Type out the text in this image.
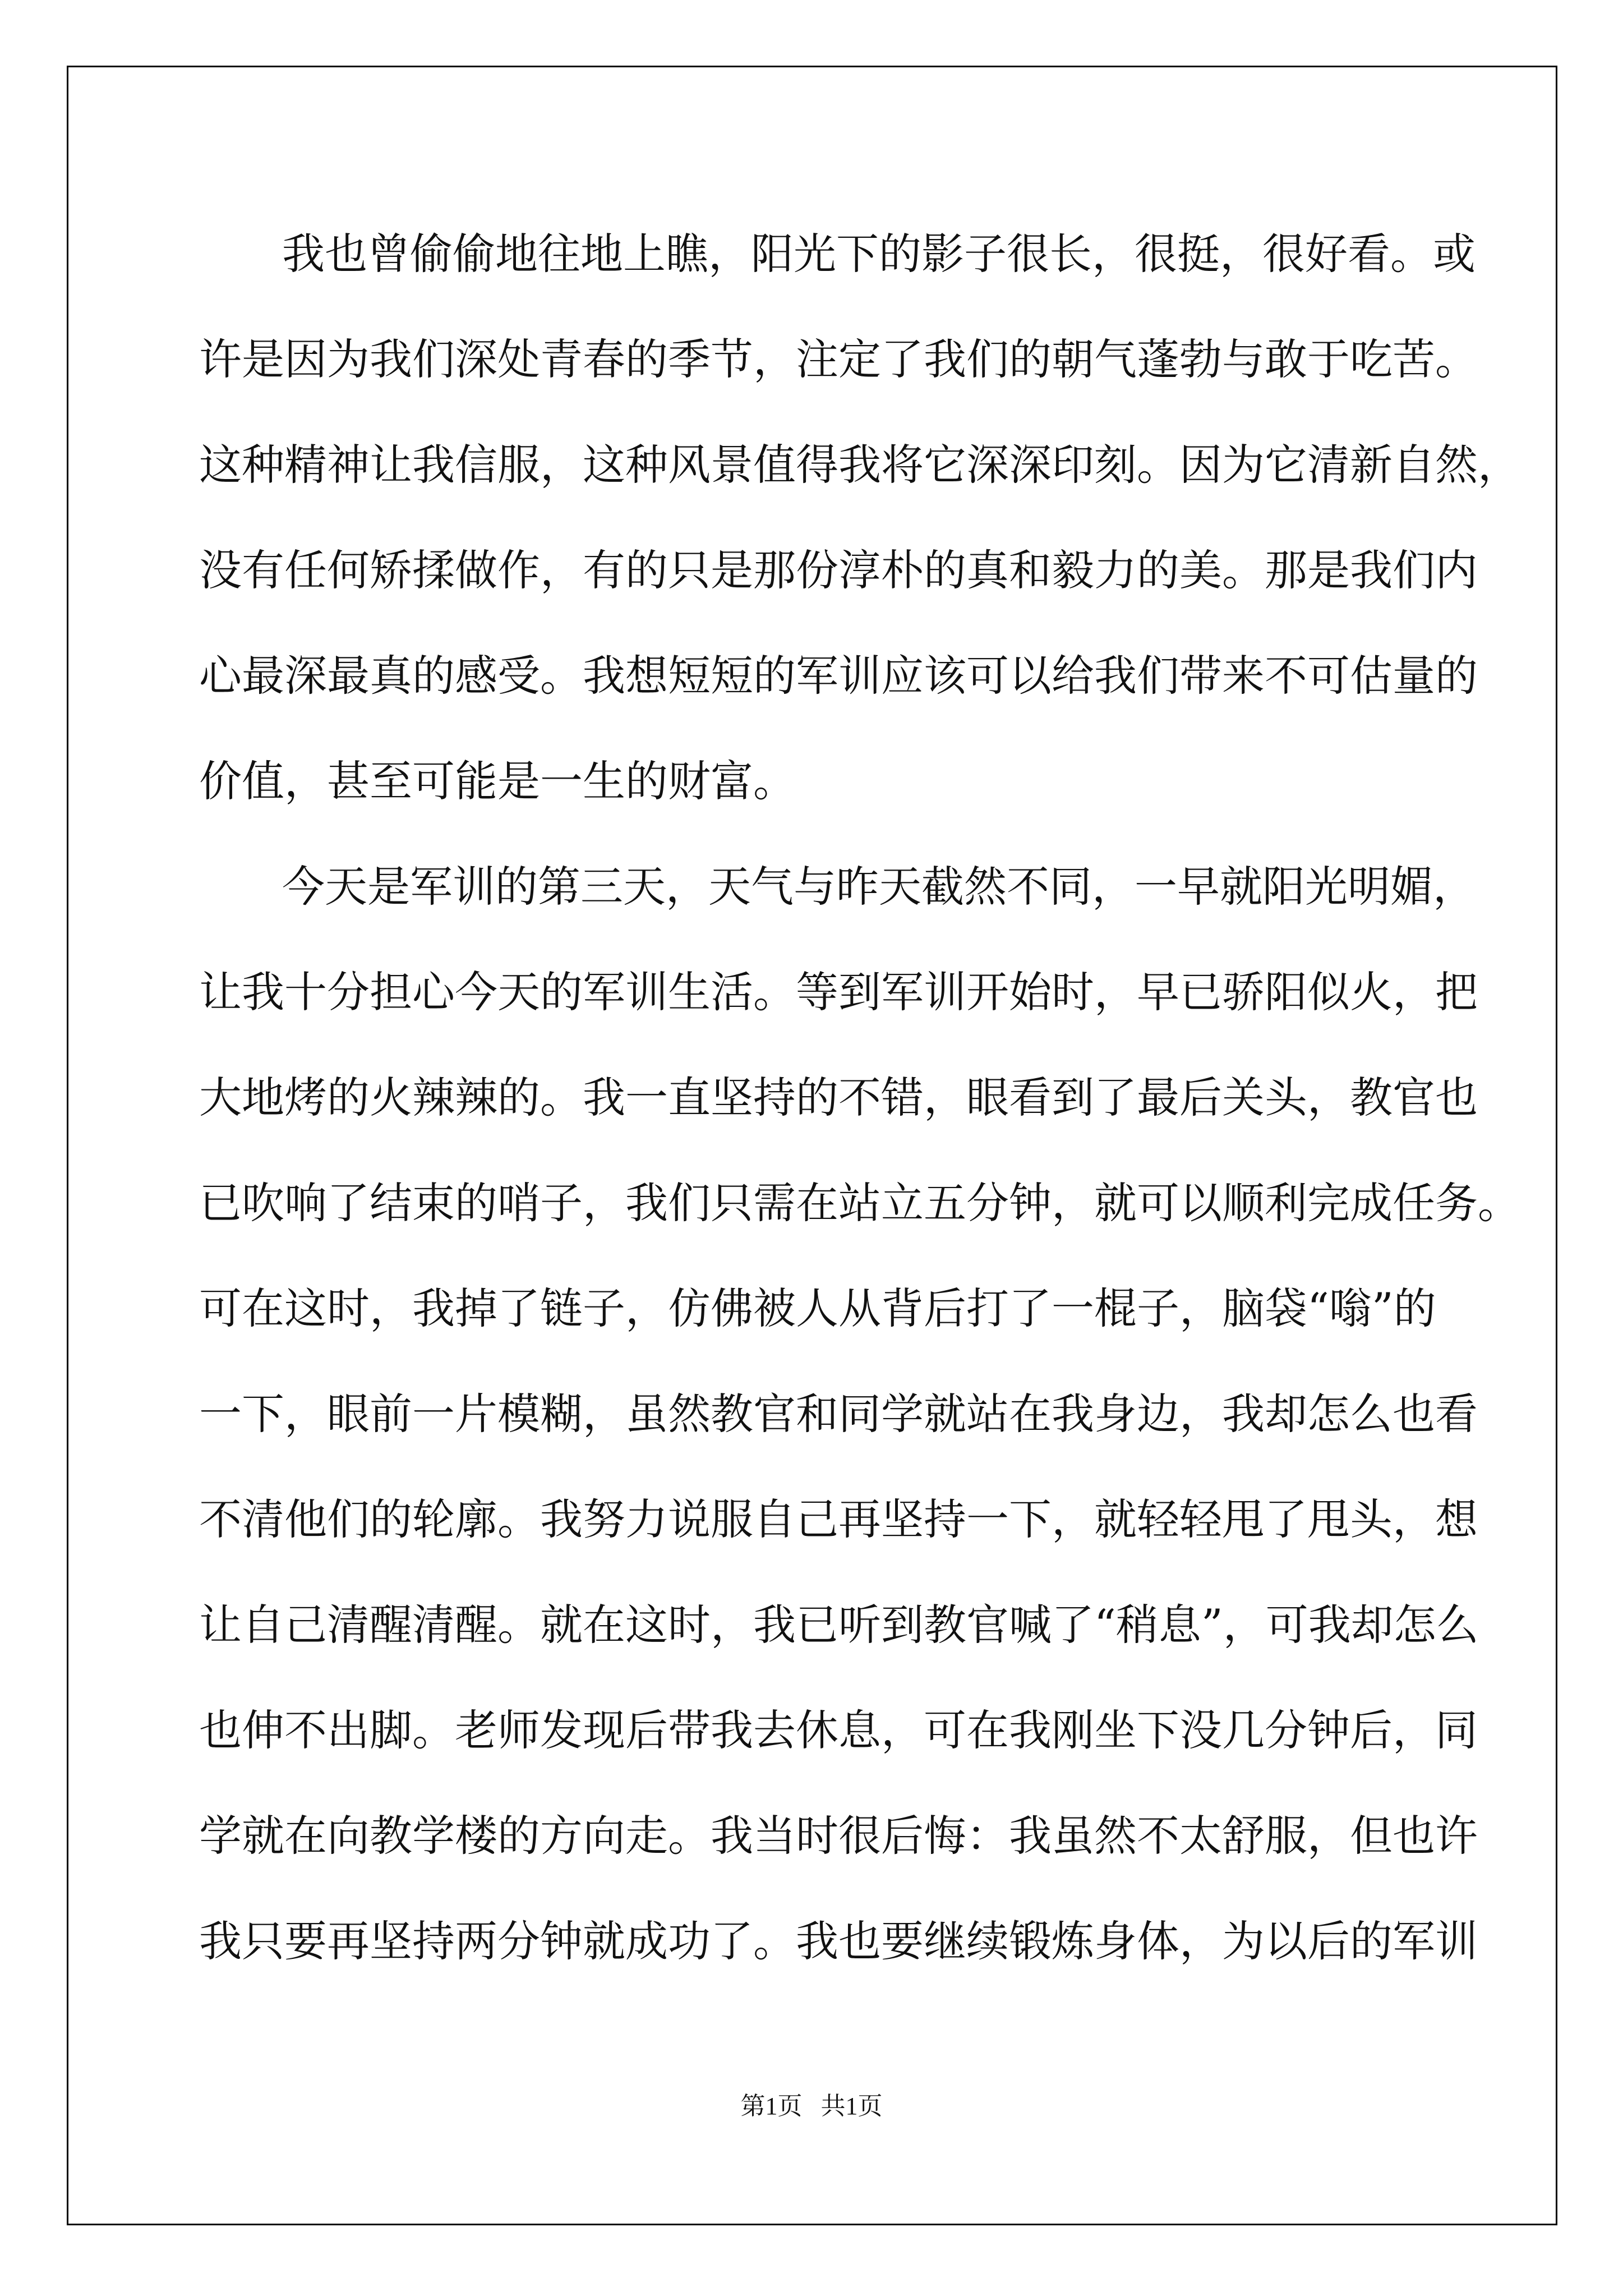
我也曾偷偷地往地上瞧，阳光下的影子很长，很挺，很好看。或
许是因为我们深处青春的季节，注定了我们的朝气蓬勃与敢于吃苦。
这种精神让我信服，这种风景值得我将它深深印刻。因为它清新自然，
没有任何矫揉做作，有的只是那份淳朴的真和毅力的美。那是我们内
心最深最真的感受。我想短短的军训应该可以给我们带来不可估量的
价值，甚至可能是一生的财富。
今天是军训的第三天，天气与昨天截然不同，一早就阳光明媚，
让我十分担心今天的军训生活。等到军训开始时，早已骄阳似火，把
大地烤的火辣辣的。我一直坚持的不错，眼看到了最后关头，教官也
已吹响了结束的哨子，我们只需在站立五分钟，就可以顺利完成任务。
可在这时，我掉了链子，仿佛被人从背后打了一棍子，脑袋“嗡”的
一下，眼前一片模糊，虽然教官和同学就站在我身边，我却怎么也看
不清他们的轮廓。我努力说服自己再坚持一下，就轻轻甩了甩头，想
让自己清醒清醒。就在这时，我已听到教官喊了“稍息”，可我却怎么
也伸不出脚。老师发现后带我去休息，可在我刚坐下没几分钟后，同
学就在向教学楼的方向走。我当时很后悔：我虽然不太舒服，但也许
我只要再坚持两分钟就成功了。我也要继续锻炼身体，为以后的军训
第1页   共1页
